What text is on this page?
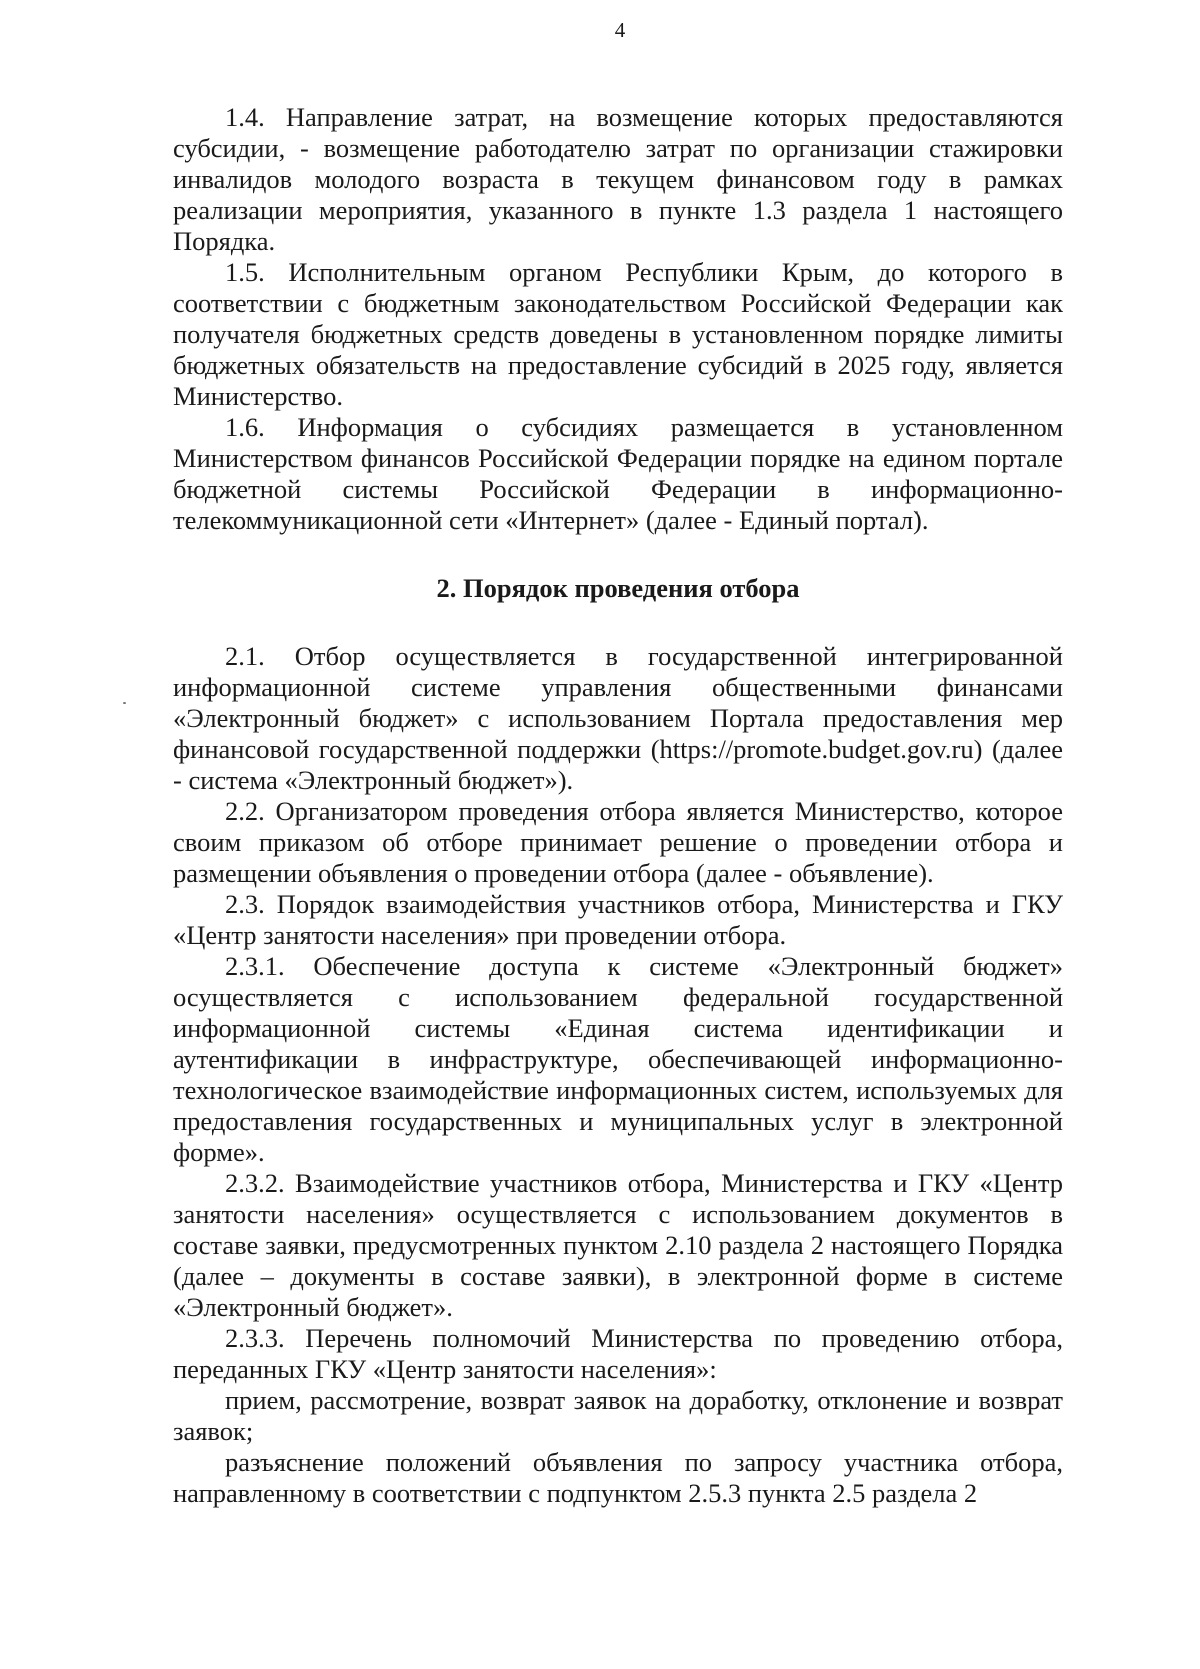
4

1.4. Направление затрат, на возмещение которых предоставляются субсидии, - возмещение работодателю затрат по организации стажировки инвалидов молодого возраста в текущем финансовом году в рамках реализации мероприятия, указанного в пункте 1.3 раздела 1 настоящего Порядка.

1.5. Исполнительным органом Республики Крым, до которого в соответствии с бюджетным законодательством Российской Федерации как получателя бюджетных средств доведены в установленном порядке лимиты бюджетных обязательств на предоставление субсидий в 2025 году, является Министерство.

1.6. Информация о субсидиях размещается в установленном Министерством финансов Российской Федерации порядке на едином портале бюджетной системы Российской Федерации в информационно-телекоммуникационной сети «Интернет» (далее - Единый портал).

2. Порядок проведения отбора

2.1. Отбор осуществляется в государственной интегрированной информационной системе управления общественными финансами «Электронный бюджет» с использованием Портала предоставления мер финансовой государственной поддержки (https://promote.budget.gov.ru) (далее - система «Электронный бюджет»).

2.2. Организатором проведения отбора является Министерство, которое своим приказом об отборе принимает решение о проведении отбора и размещении объявления о проведении отбора (далее - объявление).

2.3. Порядок взаимодействия участников отбора, Министерства и ГКУ «Центр занятости населения» при проведении отбора.

2.3.1. Обеспечение доступа к системе «Электронный бюджет» осуществляется с использованием федеральной государственной информационной системы «Единая система идентификации и аутентификации в инфраструктуре, обеспечивающей информационно-технологическое взаимодействие информационных систем, используемых для предоставления государственных и муниципальных услуг в электронной форме».

2.3.2. Взаимодействие участников отбора, Министерства и ГКУ «Центр занятости населения» осуществляется с использованием документов в составе заявки, предусмотренных пунктом 2.10 раздела 2 настоящего Порядка (далее – документы в составе заявки), в электронной форме в системе «Электронный бюджет».

2.3.3. Перечень полномочий Министерства по проведению отбора, переданных ГКУ «Центр занятости населения»:

прием, рассмотрение, возврат заявок на доработку, отклонение и возврат заявок;

разъяснение положений объявления по запросу участника отбора, направленному в соответствии с подпунктом 2.5.3 пункта 2.5 раздела 2
